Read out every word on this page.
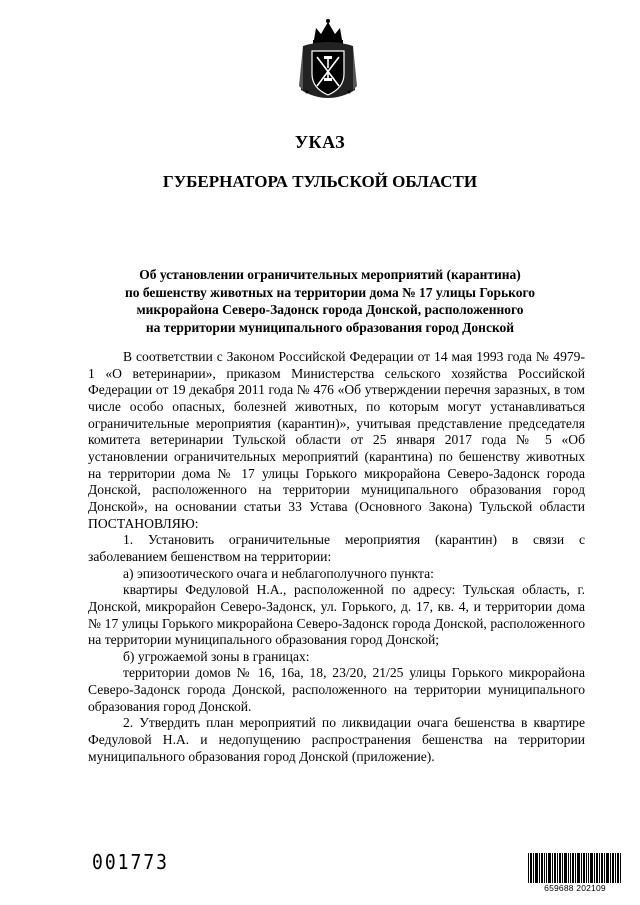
УКАЗ
ГУБЕРНАТОРА ТУЛЬСКОЙ ОБЛАСТИ
Об установлении ограничительных мероприятий (карантина)
по бешенству животных на территории дома № 17 улицы Горького
микрорайона Северо-Задонск города Донской, расположенного
на территории муниципального образования город Донской

В соответствии с Законом Российской Федерации от 14 мая 1993 года № 4979-1 «О ветеринарии», приказом Министерства сельского хозяйства Российской Федерации от 19 декабря 2011 года № 476 «Об утверждении перечня заразных, в том числе особо опасных, болезней животных, по которым могут устанавливаться ограничительные мероприятия (карантин)», учитывая представление председателя комитета ветеринарии Тульской области от 25 января 2017 года № 5 «Об установлении ограничительных мероприятий (карантина) по бешенству животных на территории дома № 17 улицы Горького микрорайона Северо-Задонск города Донской, расположенного на территории муниципального образования город Донской», на основании статьи 33 Устава (Основного Закона) Тульской области ПОСТАНОВЛЯЮ:

1. Установить ограничительные мероприятия (карантин) в связи с заболеванием бешенством на территории:

а) эпизоотического очага и неблагополучного пункта:

квартиры Федуловой Н.А., расположенной по адресу: Тульская область, г. Донской, микрорайон Северо-Задонск, ул. Горького, д. 17, кв. 4, и территории дома № 17 улицы Горького микрорайона Северо-Задонск города Донской, расположенного на территории муниципального образования город Донской;

б) угрожаемой зоны в границах:

территории домов № 16, 16а, 18, 23/20, 21/25 улицы Горького микрорайона Северо-Задонск города Донской, расположенного на территории муниципального образования город Донской.

2. Утвердить план мероприятий по ликвидации очага бешенства в квартире Федуловой Н.А. и недопущению распространения бешенства на территории муниципального образования город Донской (приложение).

001773
659688 202109
